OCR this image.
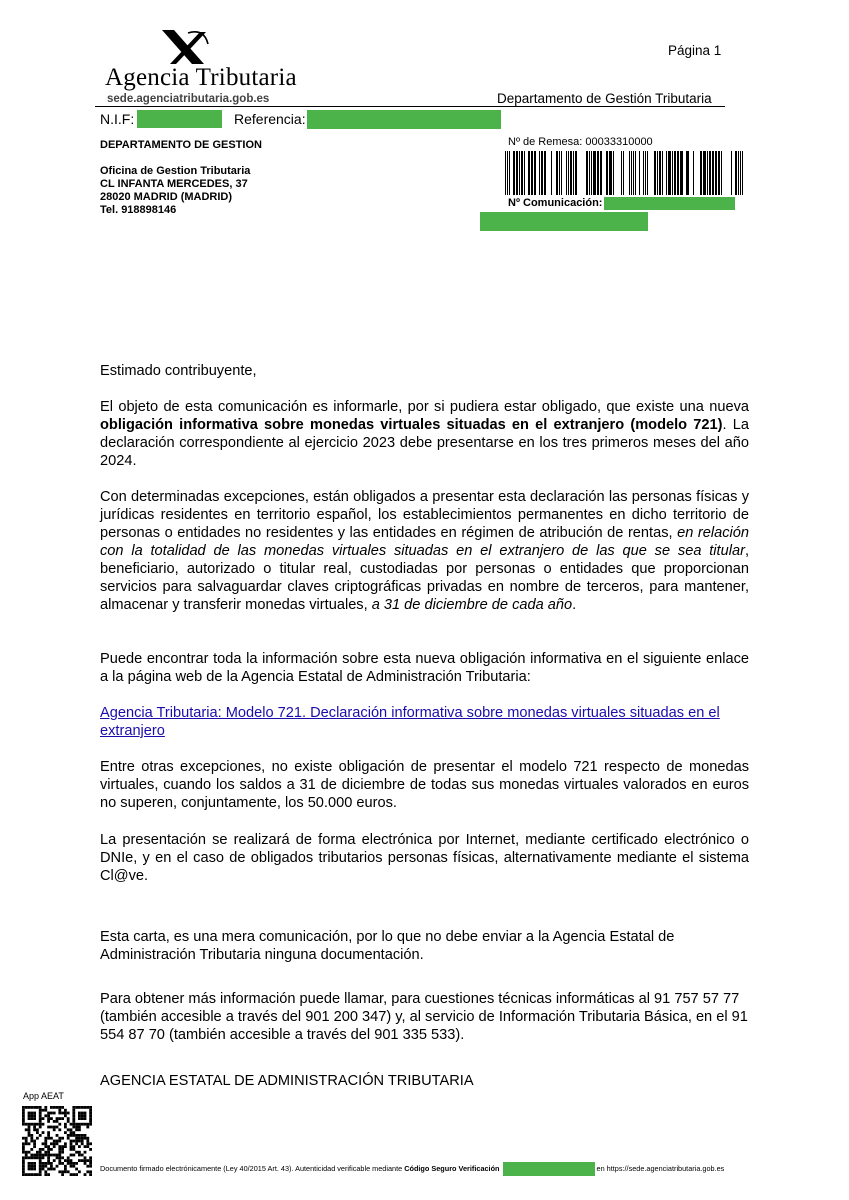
Agencia Tributaria
sede.agenciatributaria.gob.es
Página 1
Departamento de Gestión Tributaria
N.I.F:	Referencia:
DEPARTAMENTO DE GESTION
Oficina de Gestion Tributaria
CL INFANTA MERCEDES, 37
28020 MADRID (MADRID)
Tel. 918898146
Nº de Remesa: 00033310000
Nº Comunicación:

Estimado contribuyente,

El objeto de esta comunicación es informarle, por si pudiera estar obligado, que existe una nueva obligación informativa sobre monedas virtuales situadas en el extranjero (modelo 721). La declaración correspondiente al ejercicio 2023 debe presentarse en los tres primeros meses del año 2024.

Con determinadas excepciones, están obligados a presentar esta declaración las personas físicas y jurídicas residentes en territorio español, los establecimientos permanentes en dicho territorio de personas o entidades no residentes y las entidades en régimen de atribución de rentas, en relación con la totalidad de las monedas virtuales situadas en el extranjero de las que se sea titular, beneficiario, autorizado o titular real, custodiadas por personas o entidades que proporcionan servicios para salvaguardar claves criptográficas privadas en nombre de terceros, para mantener, almacenar y transferir monedas virtuales, a 31 de diciembre de cada año.

Puede encontrar toda la información sobre esta nueva obligación informativa en el siguiente enlace a la página web de la Agencia Estatal de Administración Tributaria:

Agencia Tributaria: Modelo 721. Declaración informativa sobre monedas virtuales situadas en el extranjero

Entre otras excepciones, no existe obligación de presentar el modelo 721 respecto de monedas virtuales, cuando los saldos a 31 de diciembre de todas sus monedas virtuales valorados en euros no superen, conjuntamente, los 50.000 euros.

La presentación se realizará de forma electrónica por Internet, mediante certificado electrónico o DNIe, y en el caso de obligados tributarios personas físicas, alternativamente mediante el sistema Cl@ve.

Esta carta, es una mera comunicación, por lo que no debe enviar a la Agencia Estatal de Administración Tributaria ninguna documentación.

Para obtener más información puede llamar, para cuestiones técnicas informáticas al 91 757 57 77 (también accesible a través del 901 200 347) y, al servicio de Información Tributaria Básica, en el 91 554 87 70 (también accesible a través del 901 335 533).

AGENCIA ESTATAL DE ADMINISTRACIÓN TRIBUTARIA
App AEAT
Documento firmado electrónicamente (Ley 40/2015 Art. 43). Autenticidad verificable mediante Código Seguro Verificación	en https://sede.agenciatributaria.gob.es
